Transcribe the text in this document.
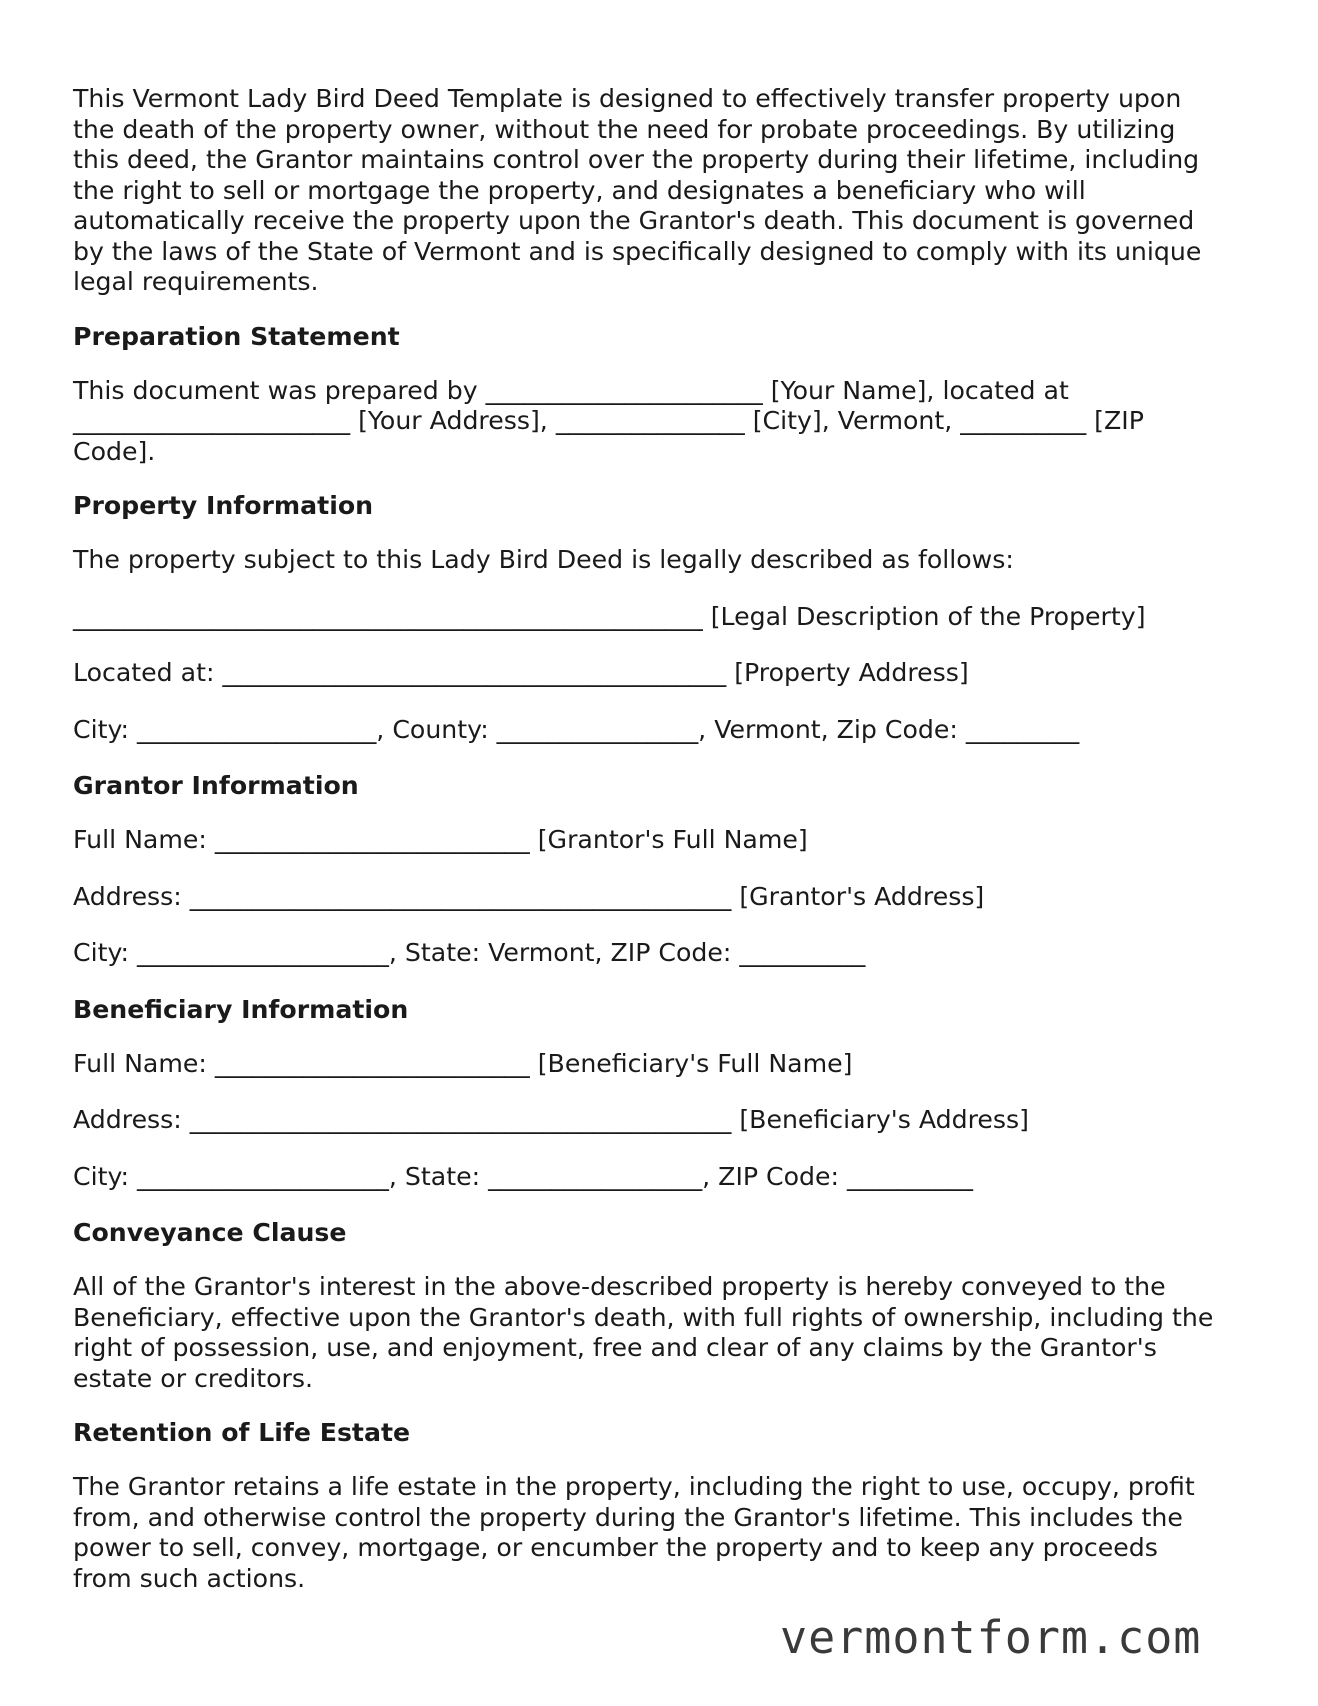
This Vermont Lady Bird Deed Template is designed to effectively transfer property upon
the death of the property owner, without the need for probate proceedings. By utilizing
this deed, the Grantor maintains control over the property during their lifetime, including
the right to sell or mortgage the property, and designates a beneficiary who will
automatically receive the property upon the Grantor's death. This document is governed
by the laws of the State of Vermont and is specifically designed to comply with its unique
legal requirements.

Preparation Statement

This document was prepared by ______________________ [Your Name], located at
______________________ [Your Address], _______________ [City], Vermont, __________ [ZIP
Code].

Property Information

The property subject to this Lady Bird Deed is legally described as follows:

__________________________________________________ [Legal Description of the Property]

Located at: ________________________________________ [Property Address]

City: ___________________, County: ________________, Vermont, Zip Code: _________

Grantor Information

Full Name: _________________________ [Grantor's Full Name]

Address: ___________________________________________ [Grantor's Address]

City: ____________________, State: Vermont, ZIP Code: __________

Beneficiary Information

Full Name: _________________________ [Beneficiary's Full Name]

Address: ___________________________________________ [Beneficiary's Address]

City: ____________________, State: _________________, ZIP Code: __________

Conveyance Clause

All of the Grantor's interest in the above-described property is hereby conveyed to the
Beneficiary, effective upon the Grantor's death, with full rights of ownership, including the
right of possession, use, and enjoyment, free and clear of any claims by the Grantor's
estate or creditors.

Retention of Life Estate

The Grantor retains a life estate in the property, including the right to use, occupy, profit
from, and otherwise control the property during the Grantor's lifetime. This includes the
power to sell, convey, mortgage, or encumber the property and to keep any proceeds
from such actions.

vermontform.com
